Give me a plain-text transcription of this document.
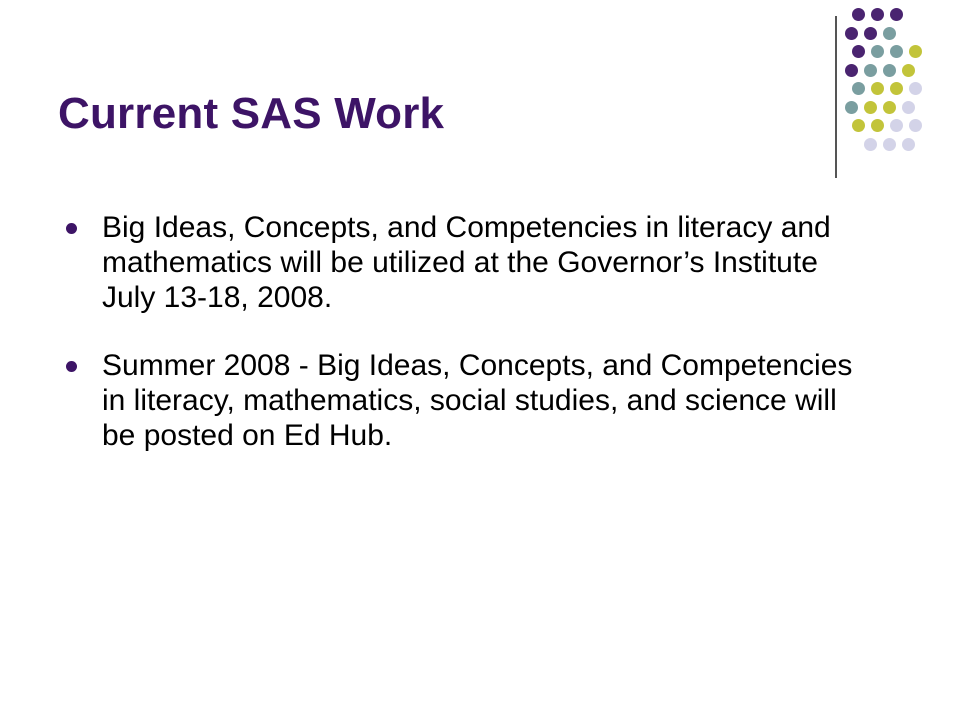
Current SAS Work
Big Ideas, Concepts, and Competencies in literacy and mathematics will be utilized at the Governor’s Institute July 13-18, 2008.
Summer 2008 - Big Ideas, Concepts, and Competencies in literacy, mathematics, social studies, and science will be posted on Ed Hub.
